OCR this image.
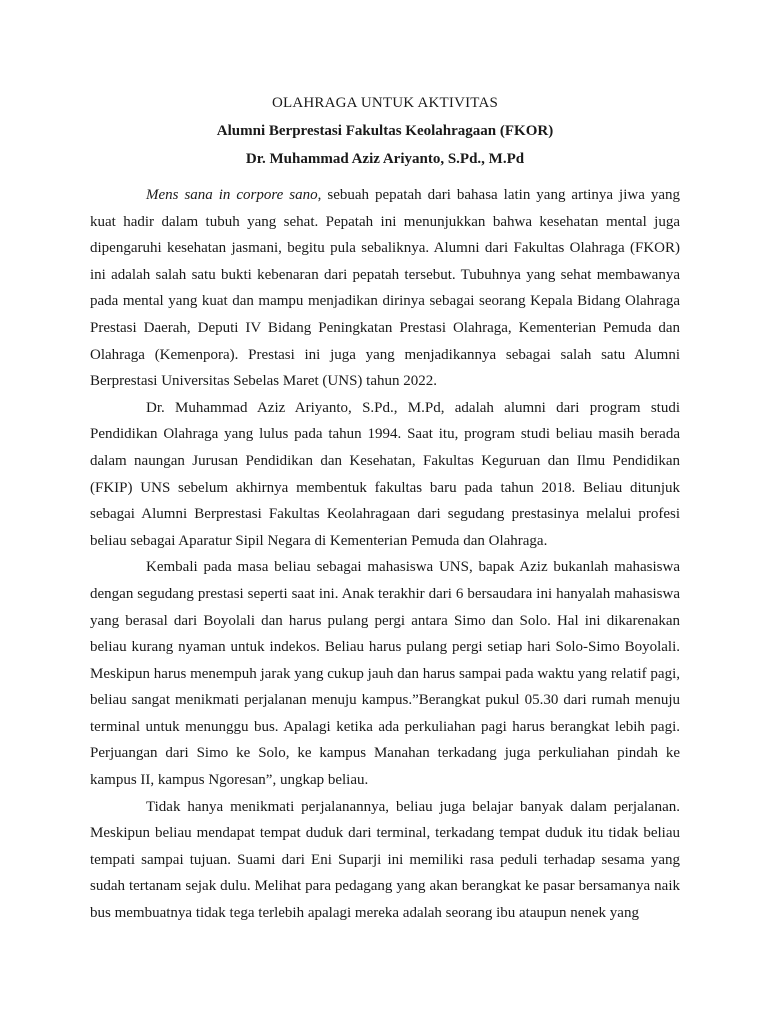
OLAHRAGA UNTUK AKTIVITAS
Alumni Berprestasi Fakultas Keolahragaan (FKOR)
Dr. Muhammad Aziz Ariyanto, S.Pd., M.Pd

Mens sana in corpore sano, sebuah pepatah dari bahasa latin yang artinya jiwa yang kuat hadir dalam tubuh yang sehat. Pepatah ini menunjukkan bahwa kesehatan mental juga dipengaruhi kesehatan jasmani, begitu pula sebaliknya. Alumni dari Fakultas Olahraga (FKOR) ini adalah salah satu bukti kebenaran dari pepatah tersebut. Tubuhnya yang sehat membawanya pada mental yang kuat dan mampu menjadikan dirinya sebagai seorang Kepala Bidang Olahraga Prestasi Daerah, Deputi IV Bidang Peningkatan Prestasi Olahraga, Kementerian Pemuda dan Olahraga (Kemenpora). Prestasi ini juga yang menjadikannya sebagai salah satu Alumni Berprestasi Universitas Sebelas Maret (UNS) tahun 2022.

Dr. Muhammad Aziz Ariyanto, S.Pd., M.Pd, adalah alumni dari program studi Pendidikan Olahraga yang lulus pada tahun 1994. Saat itu, program studi beliau masih berada dalam naungan Jurusan Pendidikan dan Kesehatan, Fakultas Keguruan dan Ilmu Pendidikan (FKIP) UNS sebelum akhirnya membentuk fakultas baru pada tahun 2018. Beliau ditunjuk sebagai Alumni Berprestasi Fakultas Keolahragaan dari segudang prestasinya melalui profesi beliau sebagai Aparatur Sipil Negara di Kementerian Pemuda dan Olahraga.

Kembali pada masa beliau sebagai mahasiswa UNS, bapak Aziz bukanlah mahasiswa dengan segudang prestasi seperti saat ini. Anak terakhir dari 6 bersaudara ini hanyalah mahasiswa yang berasal dari Boyolali dan harus pulang pergi antara Simo dan Solo. Hal ini dikarenakan beliau kurang nyaman untuk indekos. Beliau harus pulang pergi setiap hari Solo-Simo Boyolali. Meskipun harus menempuh jarak yang cukup jauh dan harus sampai pada waktu yang relatif pagi, beliau sangat menikmati perjalanan menuju kampus.”Berangkat pukul 05.30 dari rumah menuju terminal untuk menunggu bus. Apalagi ketika ada perkuliahan pagi harus berangkat lebih pagi. Perjuangan dari Simo ke Solo, ke kampus Manahan terkadang juga perkuliahan pindah ke kampus II, kampus Ngoresan”, ungkap beliau.

Tidak hanya menikmati perjalanannya, beliau juga belajar banyak dalam perjalanan. Meskipun beliau mendapat tempat duduk dari terminal, terkadang tempat duduk itu tidak beliau tempati sampai tujuan. Suami dari Eni Suparji ini memiliki rasa peduli terhadap sesama yang sudah tertanam sejak dulu. Melihat para pedagang yang akan berangkat ke pasar bersamanya naik bus membuatnya tidak tega terlebih apalagi mereka adalah seorang ibu ataupun nenek yang
